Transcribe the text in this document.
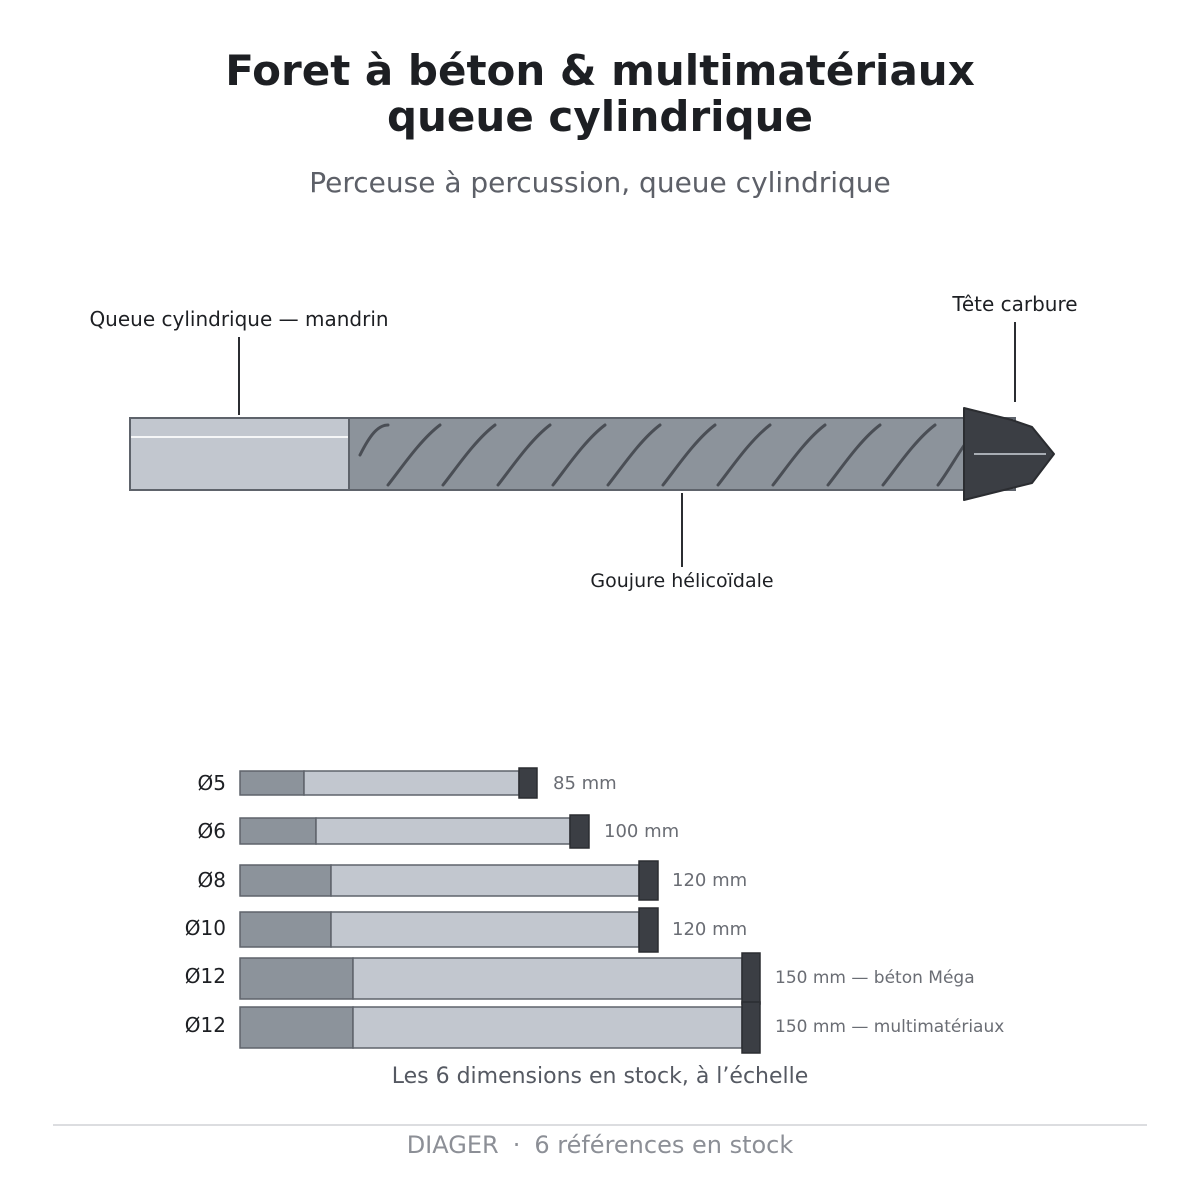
Foret à béton & multimatériaux
queue cylindrique
Perceuse à percussion, queue cylindrique
Queue cylindrique — mandrin
Tête carbure
Goujure hélicoïdale
Ø5	85 mm
Ø6	100 mm
Ø8	120 mm
Ø10	120 mm
Ø12	150 mm — béton Méga
Ø12	150 mm — multimatériaux
Les 6 dimensions en stock, à l’échelle
DIAGER · 6 références en stock
